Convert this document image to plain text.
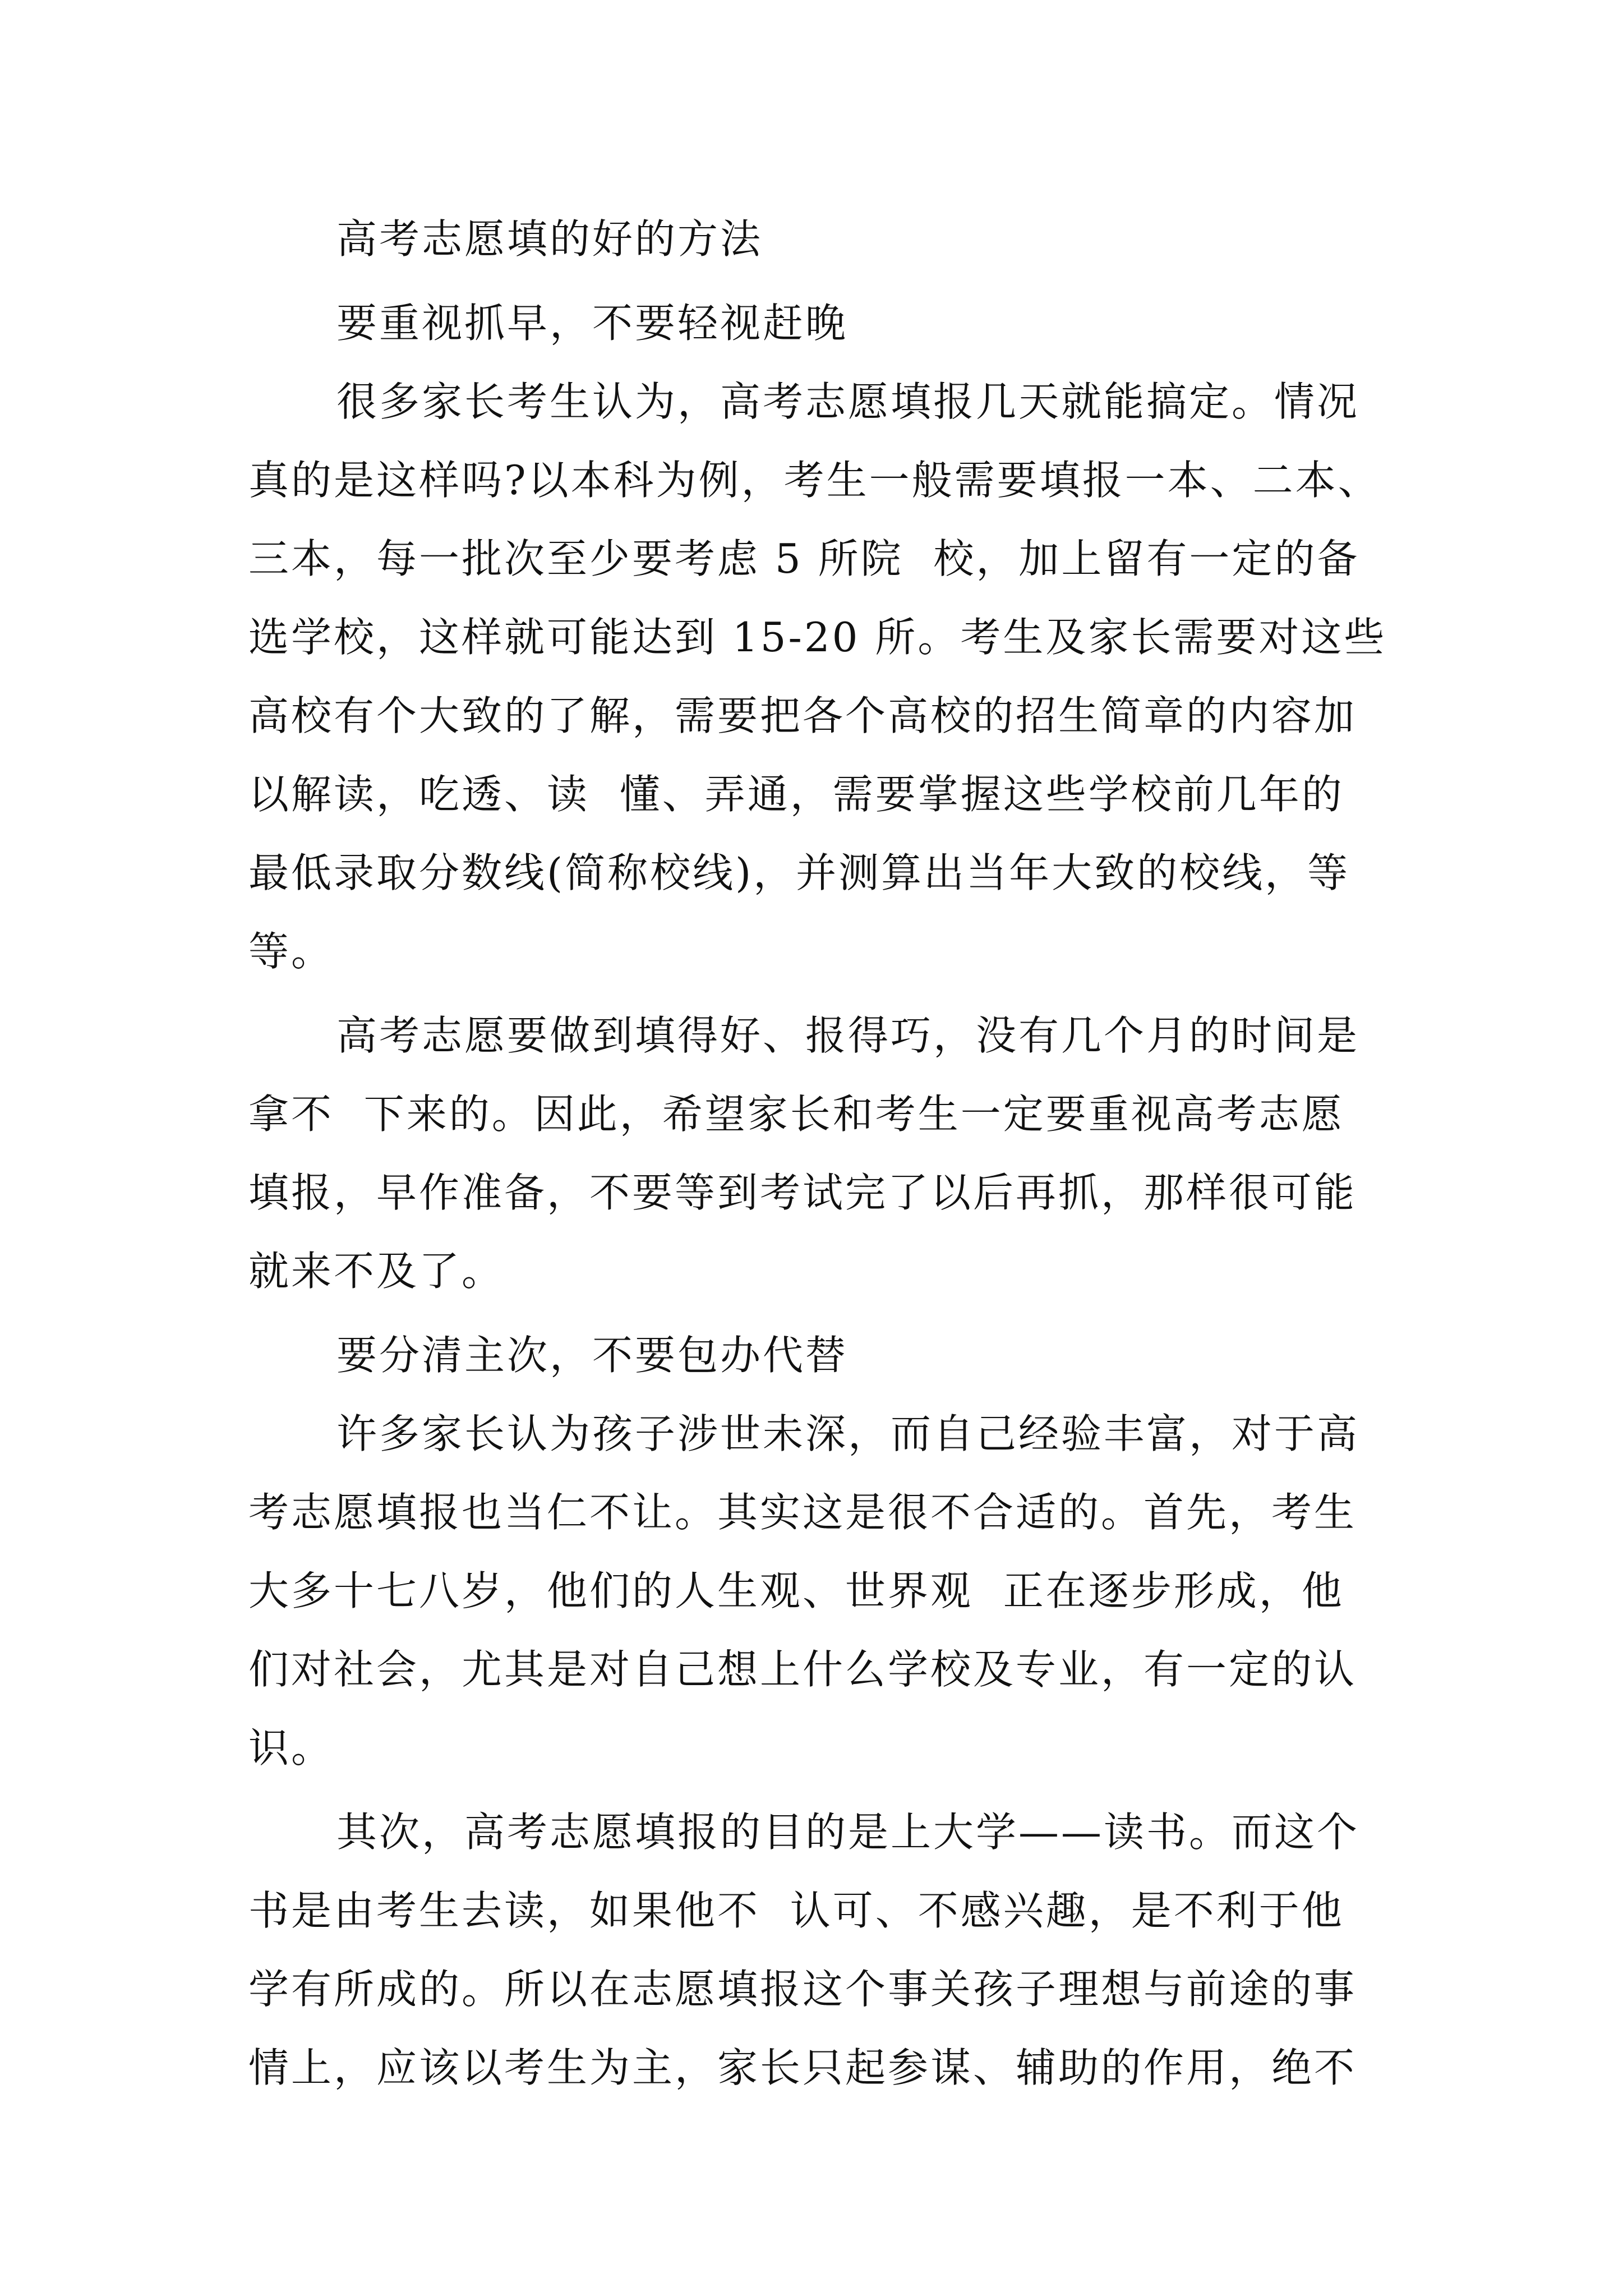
高考志愿填的好的方法
要重视抓早，不要轻视赶晚
很多家长考生认为，高考志愿填报几天就能搞定。情况
真的是这样吗?以本科为例，考生一般需要填报一本、二本、
三本，每一批次至少要考虑 5 所院  校，加上留有一定的备
选学校，这样就可能达到 15-20 所。考生及家长需要对这些
高校有个大致的了解，需要把各个高校的招生简章的内容加
以解读，吃透、读  懂、弄通，需要掌握这些学校前几年的
最低录取分数线(简称校线)，并测算出当年大致的校线，等
等。
高考志愿要做到填得好、报得巧，没有几个月的时间是
拿不  下来的。因此，希望家长和考生一定要重视高考志愿
填报，早作准备，不要等到考试完了以后再抓，那样很可能
就来不及了。
要分清主次，不要包办代替
许多家长认为孩子涉世未深，而自己经验丰富，对于高
考志愿填报也当仁不让。其实这是很不合适的。首先，考生
大多十七八岁，他们的人生观、世界观  正在逐步形成，他
们对社会，尤其是对自己想上什么学校及专业，有一定的认
识。
其次，高考志愿填报的目的是上大学——读书。而这个
书是由考生去读，如果他不  认可、不感兴趣，是不利于他
学有所成的。所以在志愿填报这个事关孩子理想与前途的事
情上，应该以考生为主，家长只起参谋、辅助的作用，绝不
